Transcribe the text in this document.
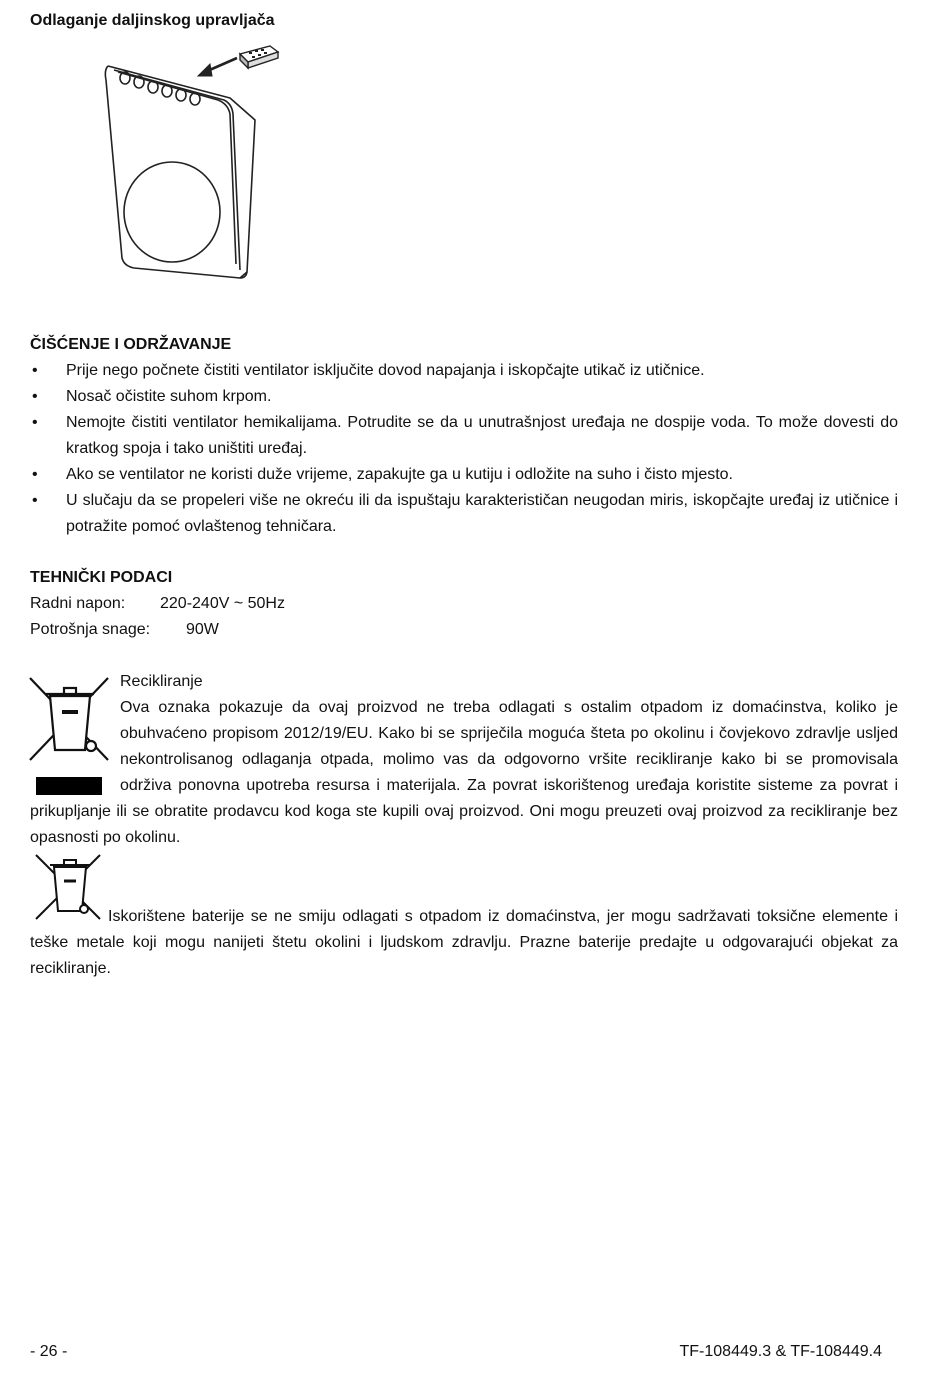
Odlaganje daljinskog upravljača
ČIŠĆENJE I ODRŽAVANJE
• Prije nego počnete čistiti ventilator isključite dovod napajanja i iskopčajte utikač iz utičnice.
• Nosač očistite suhom krpom.
• Nemojte čistiti ventilator hemikalijama. Potrudite se da u unutrašnjost uređaja ne dospije voda. To može dovesti do kratkog spoja i tako uništiti uređaj.
• Ako se ventilator ne koristi duže vrijeme, zapakujte ga u kutiju i odložite na suho i čisto mjesto.
• U slučaju da se propeleri više ne okreću ili da ispuštaju karakterističan neugodan miris, iskopčajte uređaj iz utičnice i potražite pomoć ovlaštenog tehničara.
TEHNIČKI PODACI
Radni napon: 220-240V ~ 50Hz
Potrošnja snage: 90W
Recikliranje
Ova oznaka pokazuje da ovaj proizvod ne treba odlagati s ostalim otpadom iz domaćinstva, koliko je obuhvaćeno propisom 2012/19/EU. Kako bi se spriječila moguća šteta po okolinu i čovjekovo zdravlje usljed nekontrolisanog odlaganja otpada, molimo vas da odgovorno vršite recikliranje kako bi se promovisala održiva ponovna upotreba resursa i materijala. Za povrat iskorištenog uređaja koristite sisteme za povrat i prikupljanje ili se obratite prodavcu kod koga ste kupili ovaj proizvod. Oni mogu preuzeti ovaj proizvod za recikliranje bez opasnosti po okolinu.
Iskorištene baterije se ne smiju odlagati s otpadom iz domaćinstva, jer mogu sadržavati toksične elemente i teške metale koji mogu nanijeti štetu okolini i ljudskom zdravlju. Prazne baterije predajte u odgovarajući objekat za recikliranje.
- 26 -	TF-108449.3 & TF-108449.4
